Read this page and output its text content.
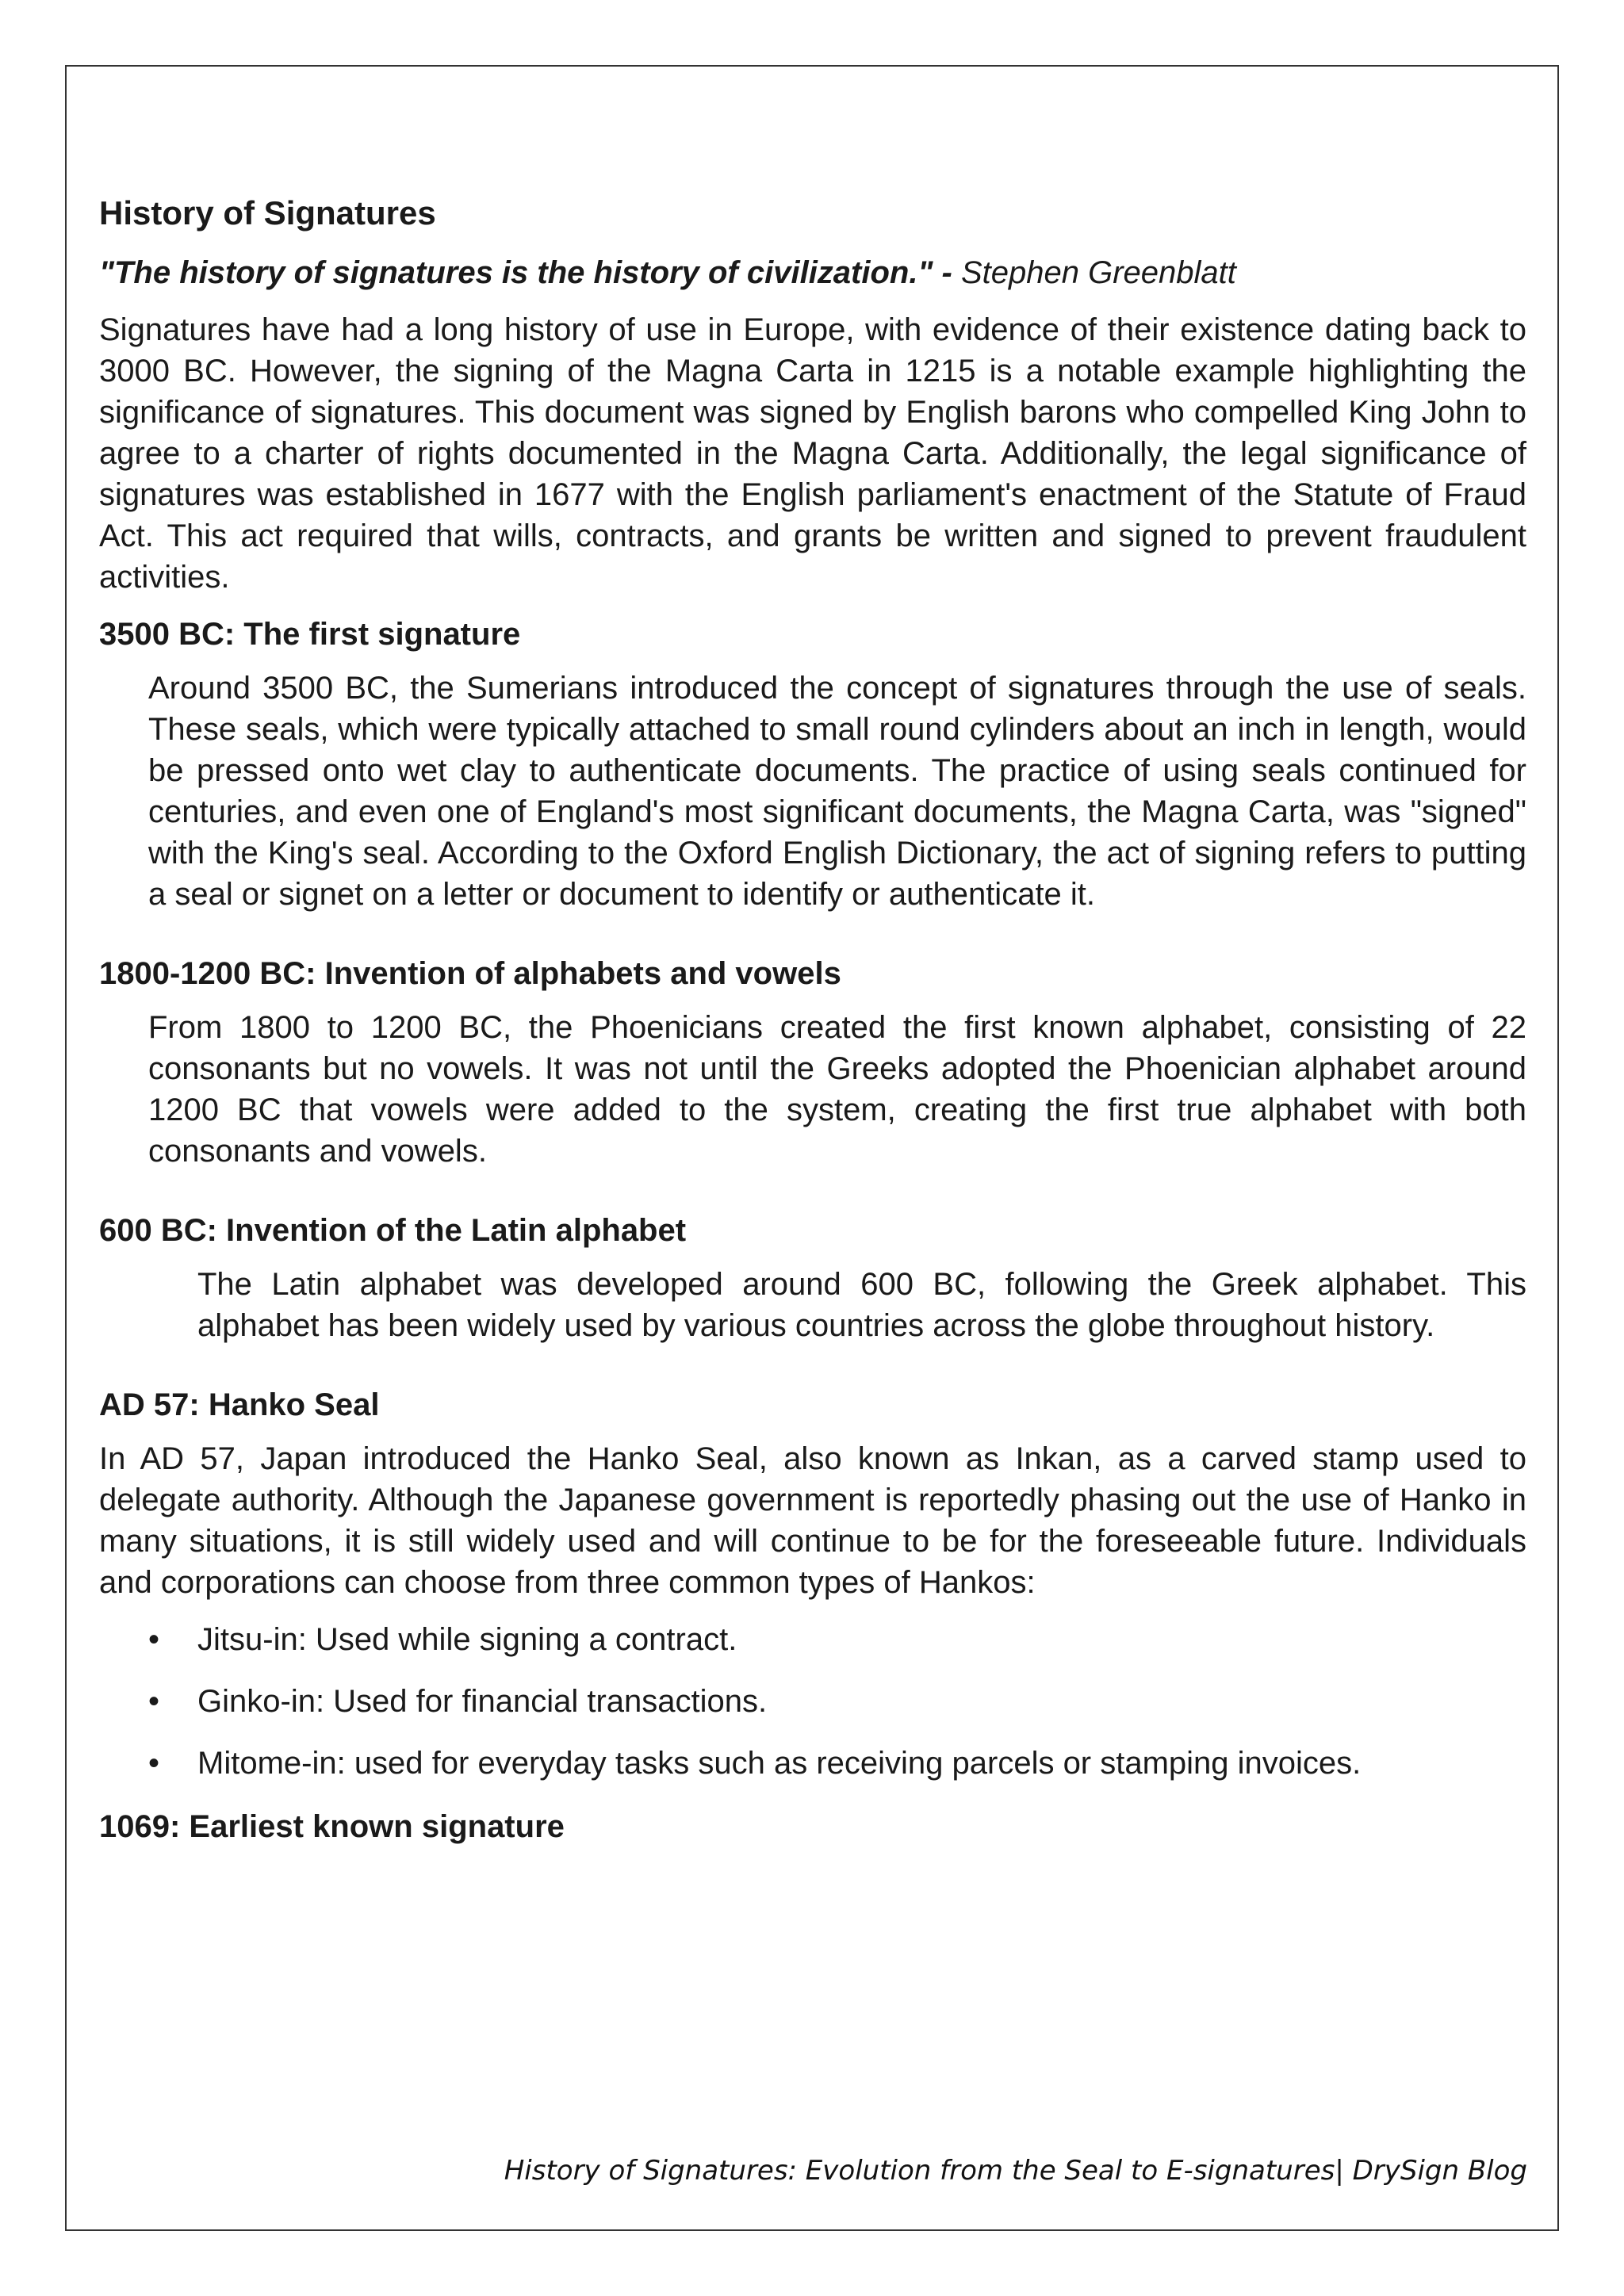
History of Signatures
"The history of signatures is the history of civilization." - Stephen Greenblatt

Signatures have had a long history of use in Europe, with evidence of their existence dating back to 3000 BC. However, the signing of the Magna Carta in 1215 is a notable example highlighting the significance of signatures. This document was signed by English barons who compelled King John to agree to a charter of rights documented in the Magna Carta. Additionally, the legal significance of signatures was established in 1677 with the English parliament's enactment of the Statute of Fraud Act. This act required that wills, contracts, and grants be written and signed to prevent fraudulent activities.

3500 BC: The first signature

Around 3500 BC, the Sumerians introduced the concept of signatures through the use of seals. These seals, which were typically attached to small round cylinders about an inch in length, would be pressed onto wet clay to authenticate documents. The practice of using seals continued for centuries, and even one of England's most significant documents, the Magna Carta, was "signed" with the King's seal. According to the Oxford English Dictionary, the act of signing refers to putting a seal or signet on a letter or document to identify or authenticate it.

1800-1200 BC: Invention of alphabets and vowels

From 1800 to 1200 BC, the Phoenicians created the first known alphabet, consisting of 22 consonants but no vowels. It was not until the Greeks adopted the Phoenician alphabet around 1200 BC that vowels were added to the system, creating the first true alphabet with both consonants and vowels.

600 BC: Invention of the Latin alphabet

The Latin alphabet was developed around 600 BC, following the Greek alphabet. This alphabet has been widely used by various countries across the globe throughout history.

AD 57: Hanko Seal

In AD 57, Japan introduced the Hanko Seal, also known as Inkan, as a carved stamp used to delegate authority. Although the Japanese government is reportedly phasing out the use of Hanko in many situations, it is still widely used and will continue to be for the foreseeable future. Individuals and corporations can choose from three common types of Hankos:

• Jitsu-in: Used while signing a contract.
• Ginko-in: Used for financial transactions.
• Mitome-in: used for everyday tasks such as receiving parcels or stamping invoices.
1069: Earliest known signature
History of Signatures: Evolution from the Seal to E-signatures| DrySign Blog
